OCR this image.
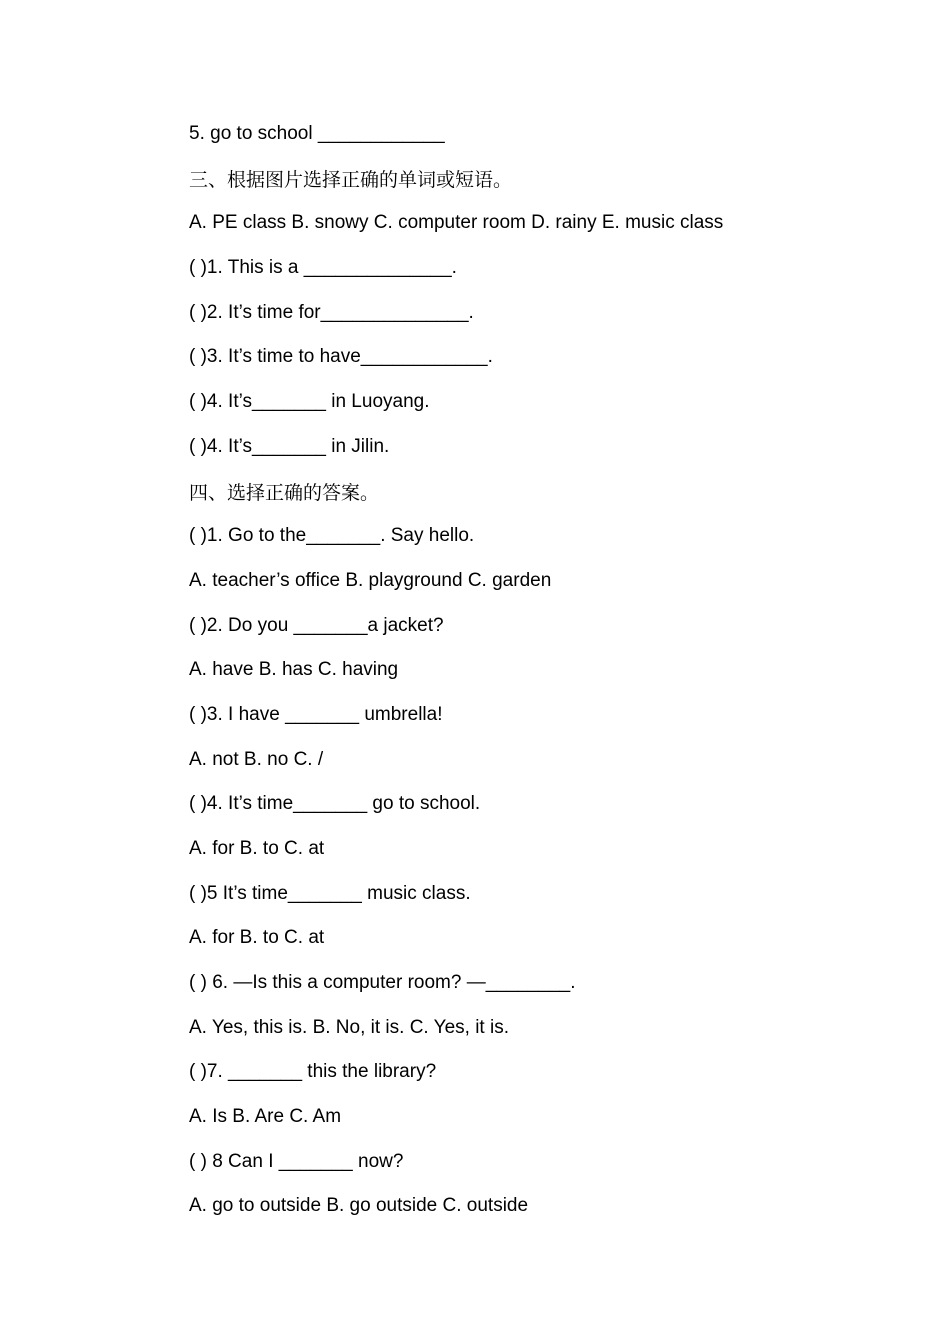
5. go to school ____________
三、根据图片选择正确的单词或短语。
A. PE class B. snowy C. computer room D. rainy E. music class
( )1. This is a ______________.
( )2. It’s time for______________.
( )3. It’s time to have____________.
( )4. It’s_______ in Luoyang.
( )4. It’s_______ in Jilin.
四、选择正确的答案。
( )1. Go to the_______. Say hello.
A. teacher’s office B. playground C. garden
( )2. Do you _______a jacket?
A. have B. has C. having
( )3. I have _______ umbrella!
A. not B. no C. /
( )4. It’s time_______ go to school.
A. for B. to C. at
( )5 It’s time_______ music class.
A. for B. to C. at
( ) 6. —Is this a computer room? —________.
A. Yes, this is. B. No, it is. C. Yes, it is.
( )7. _______ this the library?
A. Is B. Are C. Am
( ) 8 Can I _______ now?
A. go to outside B. go outside C. outside
